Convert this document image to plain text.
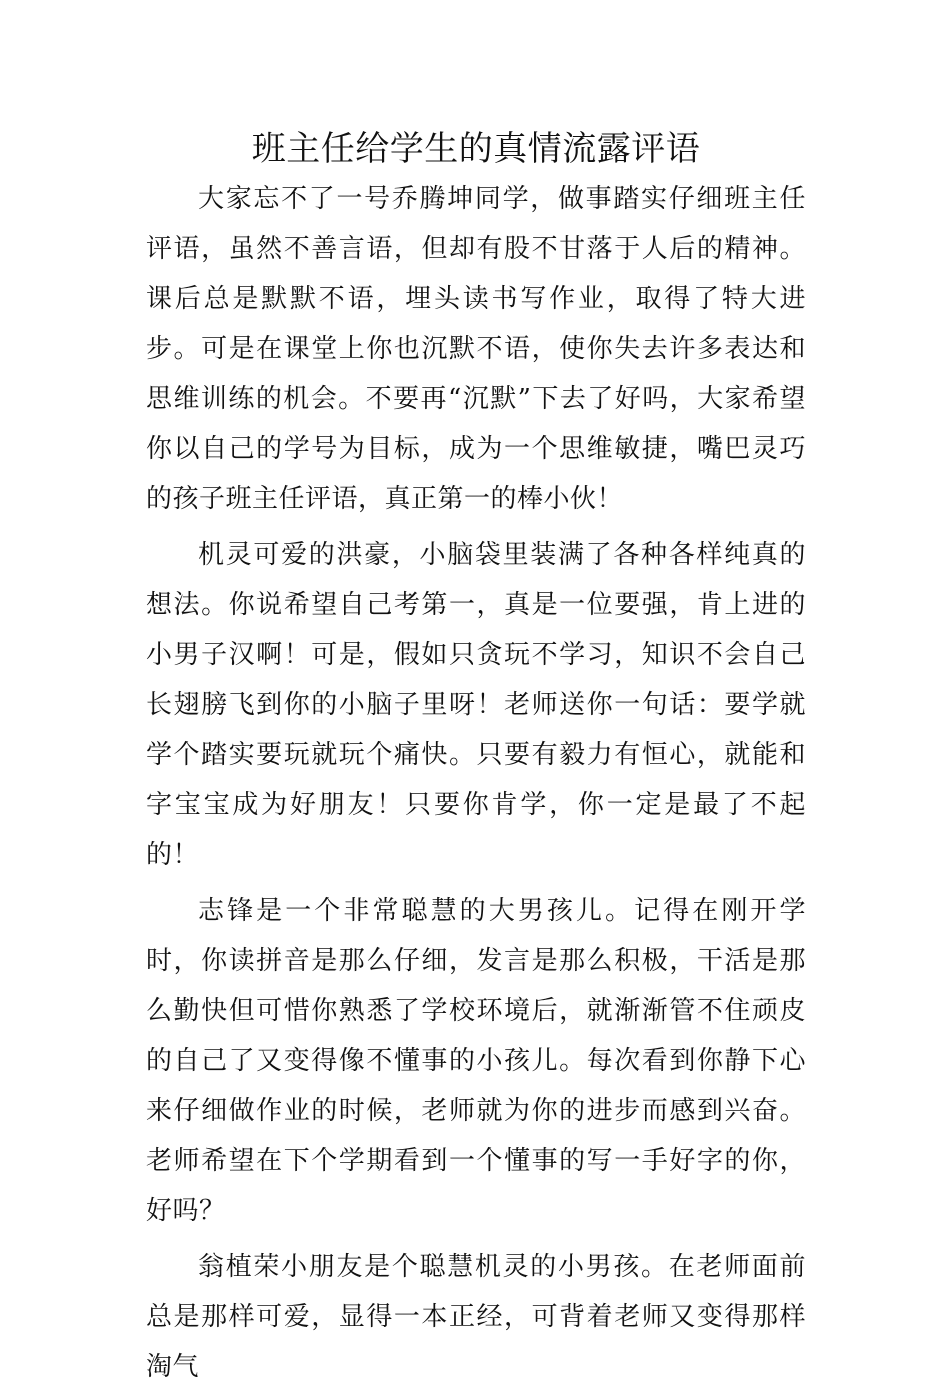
班主任给学生的真情流露评语

大家忘不了一号乔腾坤同学，做事踏实仔细班主任评语，虽然不善言语，但却有股不甘落于人后的精神。课后总是默默不语，埋头读书写作业，取得了特大进步。可是在课堂上你也沉默不语，使你失去许多表达和思维训练的机会。不要再“沉默”下去了好吗，大家希望你以自己的学号为目标，成为一个思维敏捷，嘴巴灵巧的孩子班主任评语，真正第一的棒小伙！

机灵可爱的洪豪，小脑袋里装满了各种各样纯真的想法。你说希望自己考第一，真是一位要强，肯上进的小男子汉啊！可是，假如只贪玩不学习，知识不会自己长翅膀飞到你的小脑子里呀！老师送你一句话：要学就学个踏实要玩就玩个痛快。只要有毅力有恒心，就能和字宝宝成为好朋友！只要你肯学，你一定是最了不起的！

志锋是一个非常聪慧的大男孩儿。记得在刚开学时，你读拼音是那么仔细，发言是那么积极，干活是那么勤快但可惜你熟悉了学校环境后，就渐渐管不住顽皮的自己了又变得像不懂事的小孩儿。每次看到你静下心来仔细做作业的时候，老师就为你的进步而感到兴奋。老师希望在下个学期看到一个懂事的写一手好字的你，好吗？

翁植荣小朋友是个聪慧机灵的小男孩。在老师面前总是那样可爱，显得一本正经，可背着老师又变得那样淘气
